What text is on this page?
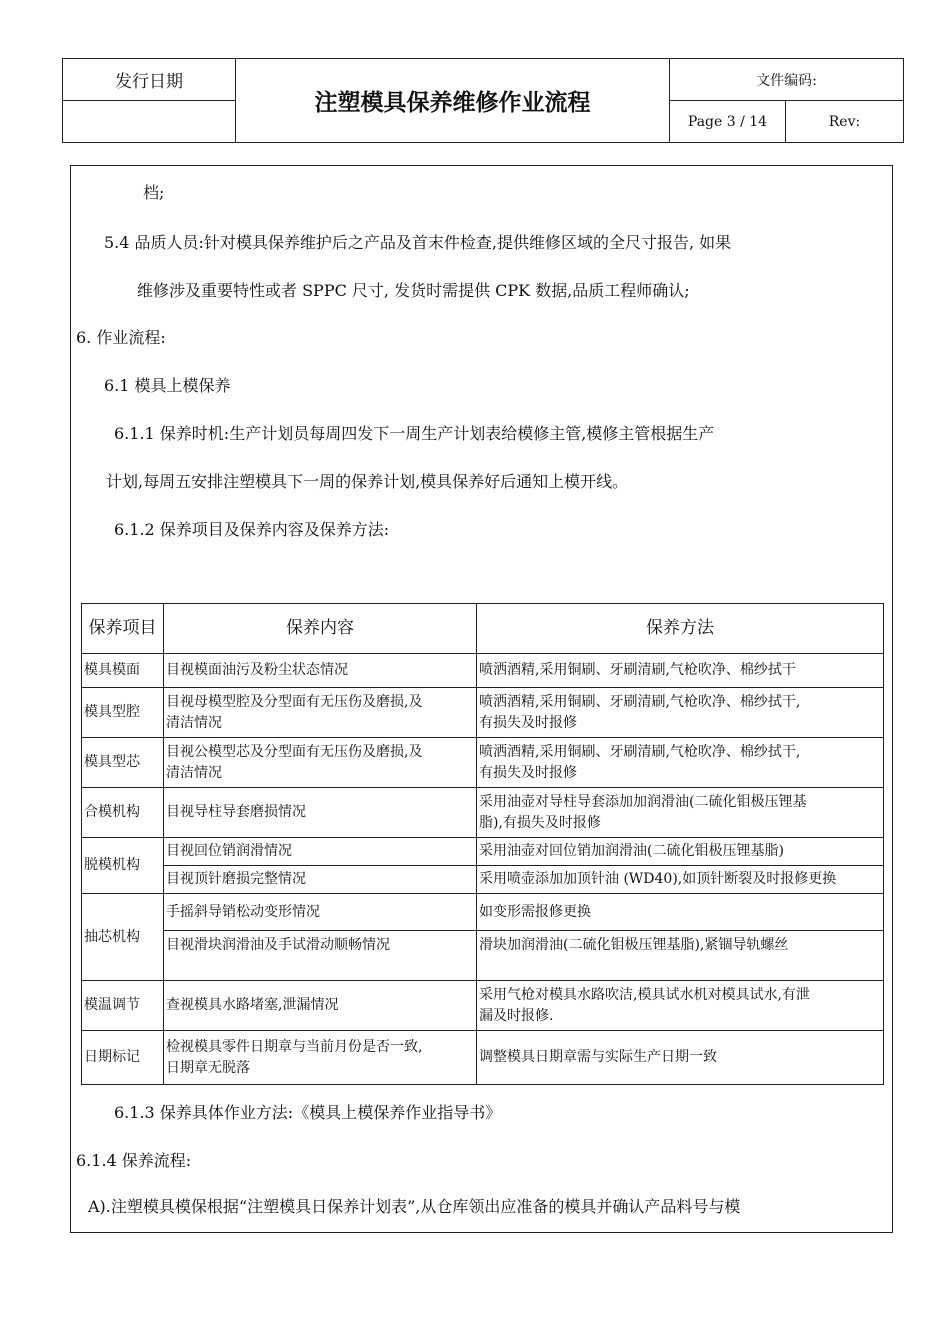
发行日期
注塑模具保养维修作业流程
文件编码:
Page 3 / 14	Rev:
档;
5.4 品质人员:针对模具保养维护后之产品及首末件检查,提供维修区域的全尺寸报告, 如果
维修涉及重要特性或者 SPPC 尺寸, 发货时需提供 CPK 数据,品质工程师确认;
6. 作业流程:
6.1 模具上模保养
6.1.1 保养时机:生产计划员每周四发下一周生产计划表给模修主管,模修主管根据生产
计划,每周五安排注塑模具下一周的保养计划,模具保养好后通知上模开线。
6.1.2 保养项目及保养内容及保养方法:
保养项目	保养内容	保养方法
模具模面	目视模面油污及粉尘状态情况	喷洒酒精,采用铜刷、牙刷清刷,气枪吹净、棉纱拭干

模具型腔	目视母模型腔及分型面有无压伤及磨损,及
清洁情况	喷洒酒精,采用铜刷、牙刷清刷,气枪吹净、棉纱拭干,
有损失及时报修

模具型芯	目视公模型芯及分型面有无压伤及磨损,及
清洁情况	喷洒酒精,采用铜刷、牙刷清刷,气枪吹净、棉纱拭干,
有损失及时报修

合模机构	目视导柱导套磨损情况	采用油壶对导柱导套添加加润滑油(二硫化钼极压锂基
脂),有损失及时报修

脱模机构	目视回位销润滑情况	采用油壶对回位销加润滑油(二硫化钼极压锂基脂)

	目视顶针磨损完整情况	采用喷壶添加加顶针油 (WD40),如顶针断裂及时报修更换

抽芯机构	手摇斜导销松动变形情况	如变形需报修更换

	目视滑块润滑油及手试滑动顺畅情况	滑块加润滑油(二硫化钼极压锂基脂),紧锢导轨螺丝

模温调节	查视模具水路堵塞,泄漏情况	采用气枪对模具水路吹洁,模具试水机对模具试水,有泄
漏及时报修.

日期标记	检视模具零件日期章与当前月份是否一致,
日期章无脱落	调整模具日期章需与实际生产日期一致
6.1.3 保养具体作业方法:《模具上模保养作业指导书》
6.1.4 保养流程:
A).注塑模具模保根据“注塑模具日保养计划表”,从仓库领出应准备的模具并确认产品料号与模
